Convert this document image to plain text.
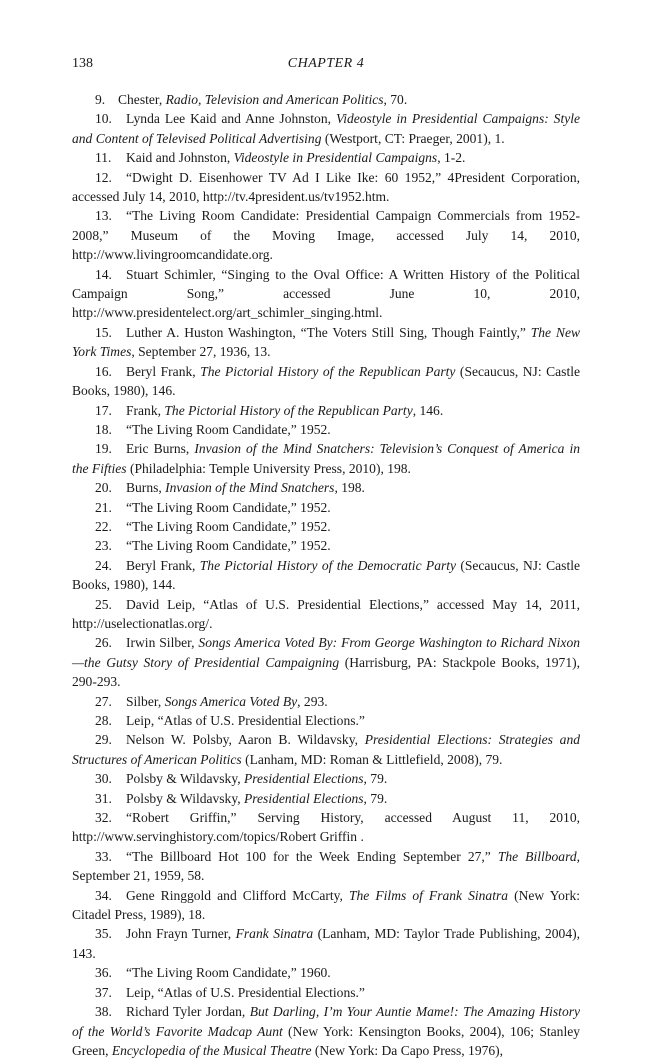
138	CHAPTER 4

9. Chester, Radio, Television and American Politics, 70.

10. Lynda Lee Kaid and Anne Johnston, Videostyle in Presidential Campaigns: Style and Content of Televised Political Advertising (Westport, CT: Praeger, 2001), 1.

11. Kaid and Johnston, Videostyle in Presidential Campaigns, 1-2.

12. “Dwight D. Eisenhower TV Ad I Like Ike: 60 1952,” 4President Corporation, accessed July 14, 2010, http://tv.4president.us/tv1952.htm.

13. “The Living Room Candidate: Presidential Campaign Commercials from 1952-2008,” Museum of the Moving Image, accessed July 14, 2010, http://www.livingroomcandidate.org.

14. Stuart Schimler, “Singing to the Oval Office: A Written History of the Political Campaign Song,” accessed June 10, 2010, http://www.presidentelect.org/art_schimler_singing.html.

15. Luther A. Huston Washington, “The Voters Still Sing, Though Faintly,” The New York Times, September 27, 1936, 13.

16. Beryl Frank, The Pictorial History of the Republican Party (Secaucus, NJ: Castle Books, 1980), 146.

17. Frank, The Pictorial History of the Republican Party, 146.

18. “The Living Room Candidate,” 1952.

19. Eric Burns, Invasion of the Mind Snatchers: Television’s Conquest of America in the Fifties (Philadelphia: Temple University Press, 2010), 198.

20. Burns, Invasion of the Mind Snatchers, 198.

21. “The Living Room Candidate,” 1952.

22. “The Living Room Candidate,” 1952.

23. “The Living Room Candidate,” 1952.

24. Beryl Frank, The Pictorial History of the Democratic Party (Secaucus, NJ: Castle Books, 1980), 144.

25. David Leip, “Atlas of U.S. Presidential Elections,” accessed May 14, 2011, http://uselectionatlas.org/.

26. Irwin Silber, Songs America Voted By: From George Washington to Richard Nixon—the Gutsy Story of Presidential Campaigning (Harrisburg, PA: Stackpole Books, 1971), 290-293.

27. Silber, Songs America Voted By, 293.

28. Leip, “Atlas of U.S. Presidential Elections.”

29. Nelson W. Polsby, Aaron B. Wildavsky, Presidential Elections: Strategies and Structures of American Politics (Lanham, MD: Roman & Littlefield, 2008), 79.

30. Polsby & Wildavsky, Presidential Elections, 79.

31. Polsby & Wildavsky, Presidential Elections, 79.

32. “Robert Griffin,” Serving History, accessed August 11, 2010, http://www.servinghistory.com/topics/Robert Griffin .

33. “The Billboard Hot 100 for the Week Ending September 27,” The Billboard, September 21, 1959, 58.

34. Gene Ringgold and Clifford McCarty, The Films of Frank Sinatra (New York: Citadel Press, 1989), 18.

35. John Frayn Turner, Frank Sinatra (Lanham, MD: Taylor Trade Publishing, 2004), 143.

36. “The Living Room Candidate,” 1960.

37. Leip, “Atlas of U.S. Presidential Elections.”

38. Richard Tyler Jordan, But Darling, I’m Your Auntie Mame!: The Amazing History of the World’s Favorite Madcap Aunt (New York: Kensington Books, 2004), 106; Stanley Green, Encyclopedia of the Musical Theatre (New York: Da Capo Press, 1976),
